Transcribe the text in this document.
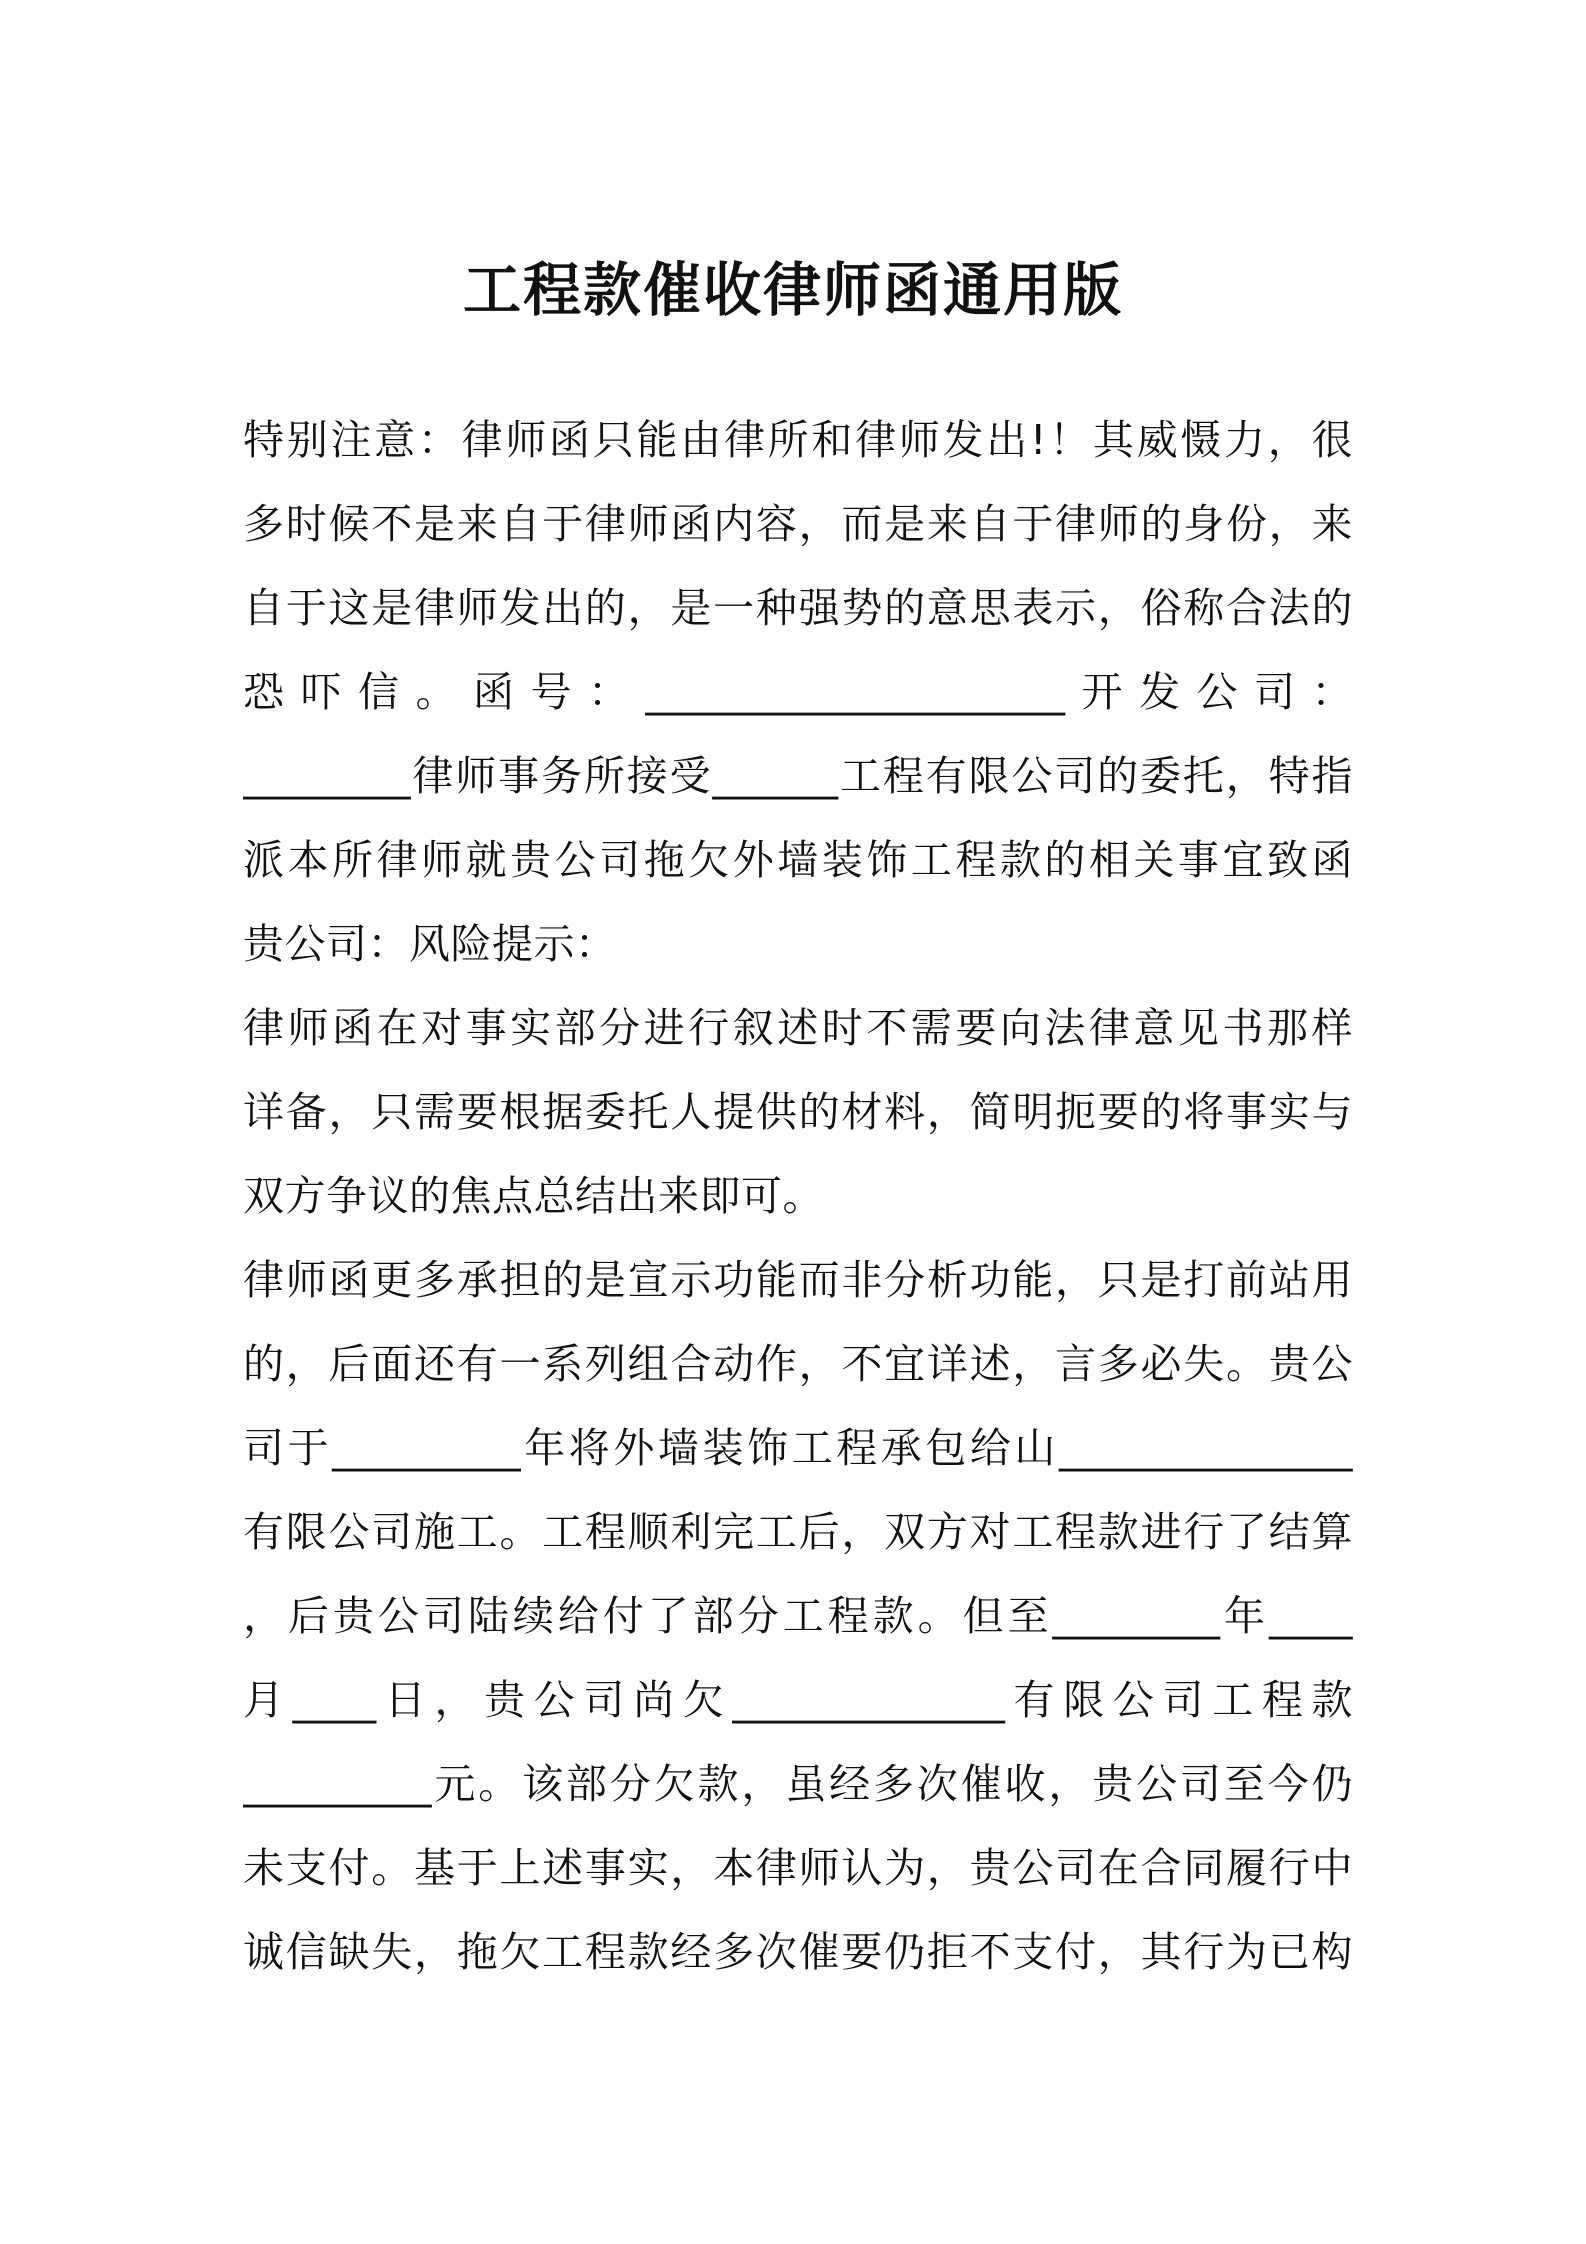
工程款催收律师函通用版
特别注意：律师函只能由律所和律师发出!！其威慑力，很
多时候不是来自于律师函内容，而是来自于律师的身份，来
自于这是律师发出的，是一种强势的意思表示，俗称合法的
恐吓信。函号：____________________开发公司：
________律师事务所接受______工程有限公司的委托，特指
派本所律师就贵公司拖欠外墙装饰工程款的相关事宜致函
贵公司：风险提示：
律师函在对事实部分进行叙述时不需要向法律意见书那样
详备，只需要根据委托人提供的材料，简明扼要的将事实与
双方争议的焦点总结出来即可。
律师函更多承担的是宣示功能而非分析功能，只是打前站用
的，后面还有一系列组合动作，不宜详述，言多必失。贵公
司于_________年将外墙装饰工程承包给山______________
有限公司施工。工程顺利完工后，双方对工程款进行了结算
，后贵公司陆续给付了部分工程款。但至________年____
月____日，贵公司尚欠_____________有限公司工程款
_________元。该部分欠款，虽经多次催收，贵公司至今仍
未支付。基于上述事实，本律师认为，贵公司在合同履行中
诚信缺失，拖欠工程款经多次催要仍拒不支付，其行为已构
